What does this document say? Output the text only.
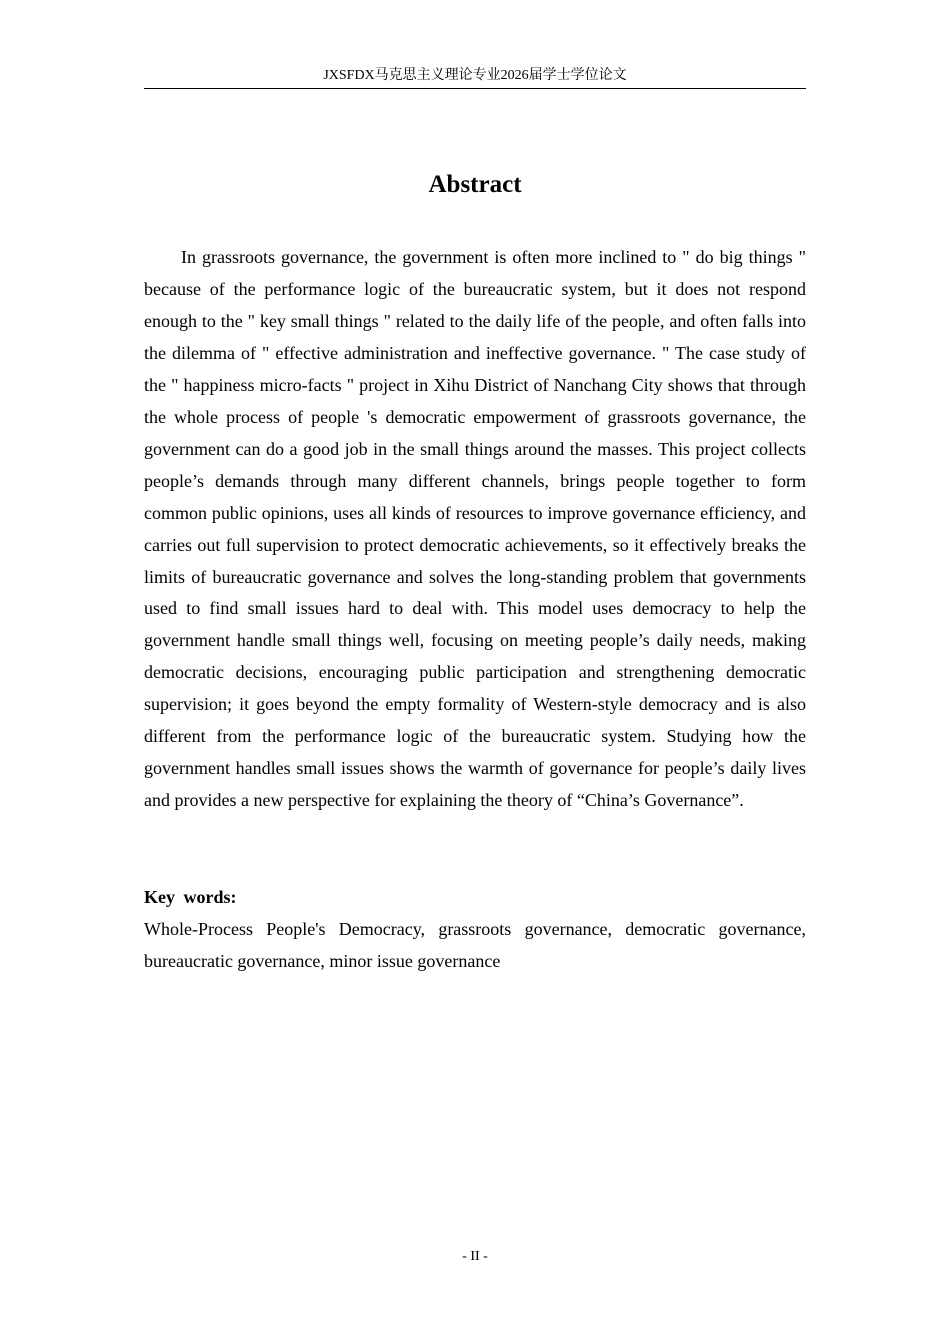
JXSFDX马克思主义理论专业2026届学士学位论文
Abstract

In grassroots governance, the government is often more inclined to " do big things " because of the performance logic of the bureaucratic system, but it does not respond enough to the " key small things " related to the daily life of the people, and often falls into the dilemma of " effective administration and ineffective governance. " The case study of the " happiness micro-facts " project in Xihu District of Nanchang City shows that through the whole process of people 's democratic empowerment of grassroots governance, the government can do a good job in the small things around the masses. This project collects people’s demands through many different channels, brings people together to form common public opinions, uses all kinds of resources to improve governance efficiency, and carries out full supervision to protect democratic achievements, so it effectively breaks the limits of bureaucratic governance and solves the long-standing problem that governments used to find small issues hard to deal with. This model uses democracy to help the government handle small things well, focusing on meeting people’s daily needs, making democratic decisions, encouraging public participation and strengthening democratic supervision; it goes beyond the empty formality of Western-style democracy and is also different from the performance logic of the bureaucratic system. Studying how the government handles small issues shows the warmth of governance for people’s daily lives and provides a new perspective for explaining the theory of “China’s Governance”.

Key words:

Whole-Process People's Democracy, grassroots governance, democratic governance, bureaucratic governance, minor issue governance

- II -
